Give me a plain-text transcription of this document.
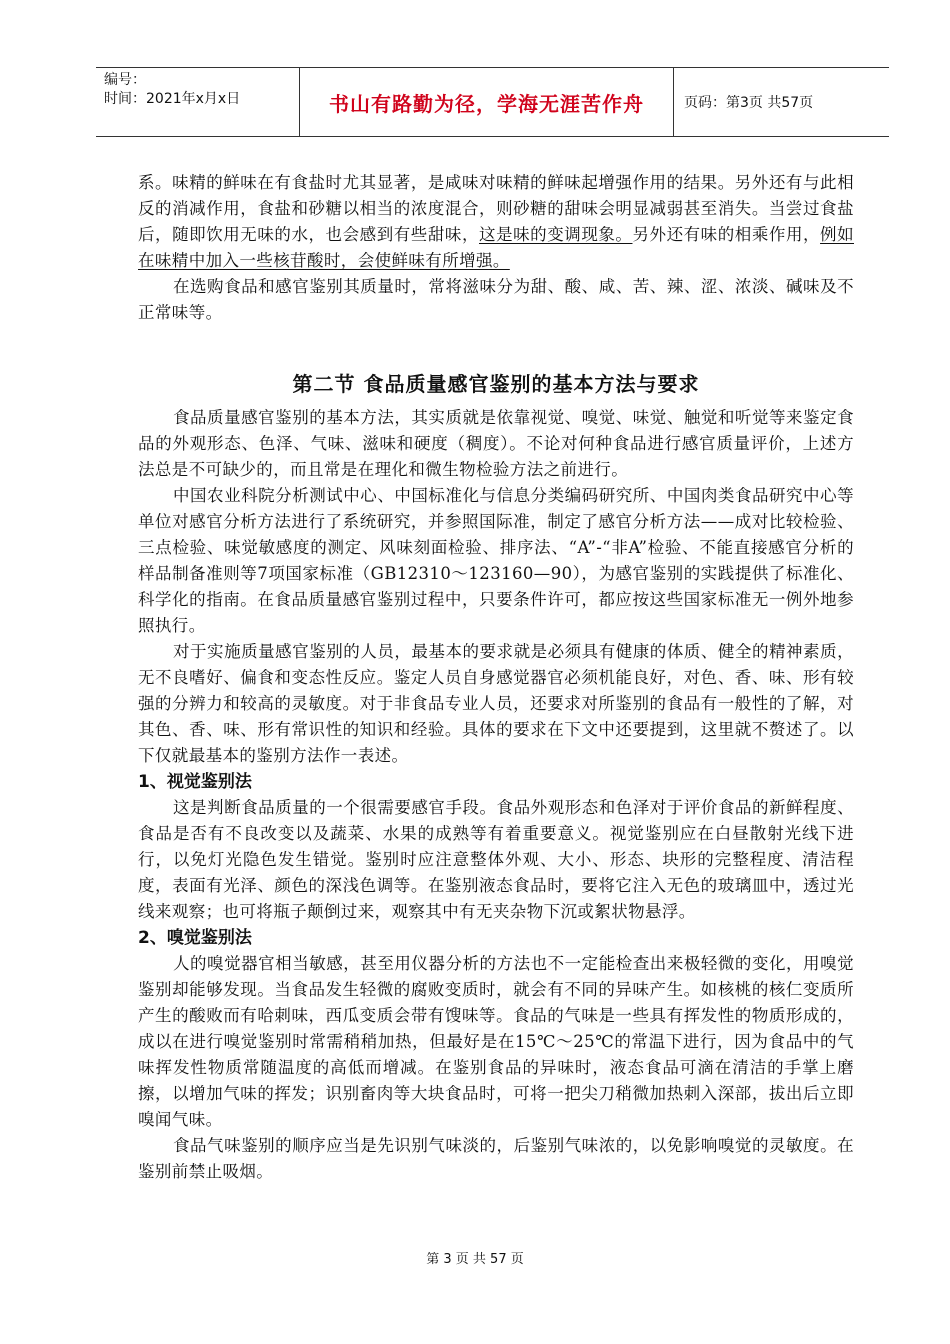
编号：
时间：2021年x月x日	书山有路勤为径，学海无涯苦作舟	页码：第3页 共57页

系。味精的鲜味在有食盐时尤其显著，是咸味对味精的鲜味起增强作用的结果。另外还有与此相反的消减作用，食盐和砂糖以相当的浓度混合，则砂糖的甜味会明显减弱甚至消失。当尝过食盐后，随即饮用无味的水，也会感到有些甜味，这是味的变调现象。另外还有味的相乘作用，例如在味精中加入一些核苷酸时，会使鲜味有所增强。

在选购食品和感官鉴别其质量时，常将滋味分为甜、酸、咸、苦、辣、涩、浓淡、碱味及不正常味等。

第二节 食品质量感官鉴别的基本方法与要求

食品质量感官鉴别的基本方法，其实质就是依靠视觉、嗅觉、味觉、触觉和听觉等来鉴定食品的外观形态、色泽、气味、滋味和硬度（稠度）。不论对何种食品进行感官质量评价，上述方法总是不可缺少的，而且常是在理化和微生物检验方法之前进行。

中国农业科院分析测试中心、中国标准化与信息分类编码研究所、中国肉类食品研究中心等单位对感官分析方法进行了系统研究，并参照国际准，制定了感官分析方法——成对比较检验、三点检验、味觉敏感度的测定、风味刻面检验、排序法、“A”-“非A”检验、不能直接感官分析的样品制备准则等7项国家标准（GB12310～123160—90），为感官鉴别的实践提供了标准化、科学化的指南。在食品质量感官鉴别过程中，只要条件许可，都应按这些国家标准无一例外地参照执行。

对于实施质量感官鉴别的人员，最基本的要求就是必须具有健康的体质、健全的精神素质，无不良嗜好、偏食和变态性反应。鉴定人员自身感觉器官必须机能良好，对色、香、味、形有较强的分辨力和较高的灵敏度。对于非食品专业人员，还要求对所鉴别的食品有一般性的了解，对其色、香、味、形有常识性的知识和经验。具体的要求在下文中还要提到，这里就不赘述了。以下仅就最基本的鉴别方法作一表述。

1、视觉鉴别法

这是判断食品质量的一个很需要感官手段。食品外观形态和色泽对于评价食品的新鲜程度、食品是否有不良改变以及蔬菜、水果的成熟等有着重要意义。视觉鉴别应在白昼散射光线下进行，以免灯光隐色发生错觉。鉴别时应注意整体外观、大小、形态、块形的完整程度、清洁程度，表面有光泽、颜色的深浅色调等。在鉴别液态食品时，要将它注入无色的玻璃皿中，透过光线来观察；也可将瓶子颠倒过来，观察其中有无夹杂物下沉或絮状物悬浮。

2、嗅觉鉴别法

人的嗅觉器官相当敏感，甚至用仪器分析的方法也不一定能检查出来极轻微的变化，用嗅觉鉴别却能够发现。当食品发生轻微的腐败变质时，就会有不同的异味产生。如核桃的核仁变质所产生的酸败而有哈刺味，西瓜变质会带有馊味等。食品的气味是一些具有挥发性的物质形成的，成以在进行嗅觉鉴别时常需稍稍加热，但最好是在15℃～25℃的常温下进行，因为食品中的气味挥发性物质常随温度的高低而增减。在鉴别食品的异味时，液态食品可滴在清洁的手掌上磨擦，以增加气味的挥发；识别畜肉等大块食品时，可将一把尖刀稍微加热刺入深部，拔出后立即嗅闻气味。

食品气味鉴别的顺序应当是先识别气味淡的，后鉴别气味浓的，以免影响嗅觉的灵敏度。在鉴别前禁止吸烟。

第 3 页 共 57 页
